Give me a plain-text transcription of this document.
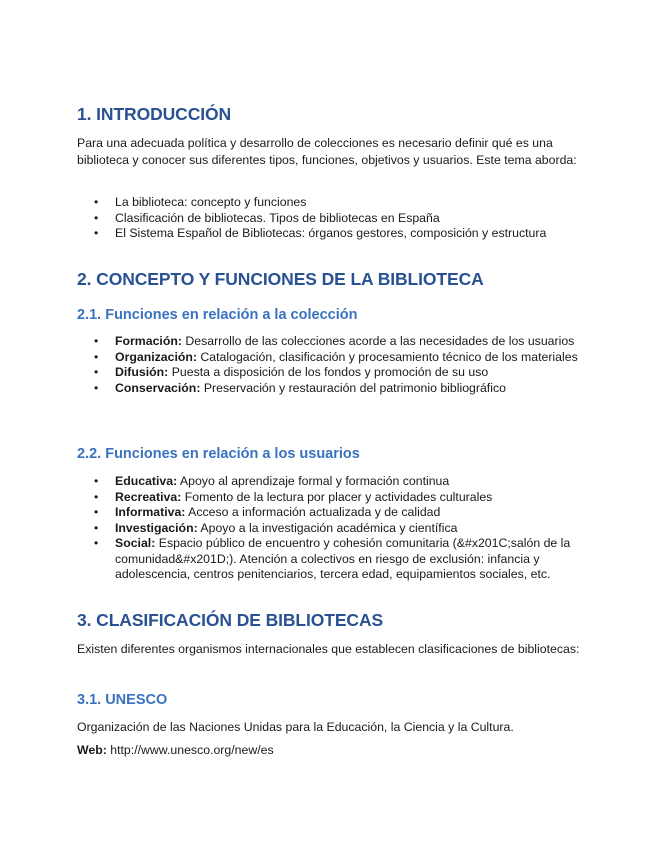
1. INTRODUCCIÓN

Para una adecuada política y desarrollo de colecciones es necesario definir qué es una biblioteca y conocer sus diferentes tipos, funciones, objetivos y usuarios. Este tema aborda:

• La biblioteca: concepto y funciones
• Clasificación de bibliotecas. Tipos de bibliotecas en España
• El Sistema Español de Bibliotecas: órganos gestores, composición y estructura
2. CONCEPTO Y FUNCIONES DE LA BIBLIOTECA
2.1. Funciones en relación a la colección
• Formación: Desarrollo de las colecciones acorde a las necesidades de los usuarios
• Organización: Catalogación, clasificación y procesamiento técnico de los materiales
• Difusión: Puesta a disposición de los fondos y promoción de su uso
• Conservación: Preservación y restauración del patrimonio bibliográfico
2.2. Funciones en relación a los usuarios
• Educativa: Apoyo al aprendizaje formal y formación continua
• Recreativa: Fomento de la lectura por placer y actividades culturales
• Informativa: Acceso a información actualizada y de calidad
• Investigación: Apoyo a la investigación académica y científica
• Social: Espacio público de encuentro y cohesión comunitaria (&#x201C;salón de la comunidad&#x201D;). Atención a colectivos en riesgo de exclusión: infancia y adolescencia, centros penitenciarios, tercera edad, equipamientos sociales, etc.
3. CLASIFICACIÓN DE BIBLIOTECAS

Existen diferentes organismos internacionales que establecen clasificaciones de bibliotecas:

3.1. UNESCO

Organización de las Naciones Unidas para la Educación, la Ciencia y la Cultura.

Web: http://www.unesco.org/new/es
